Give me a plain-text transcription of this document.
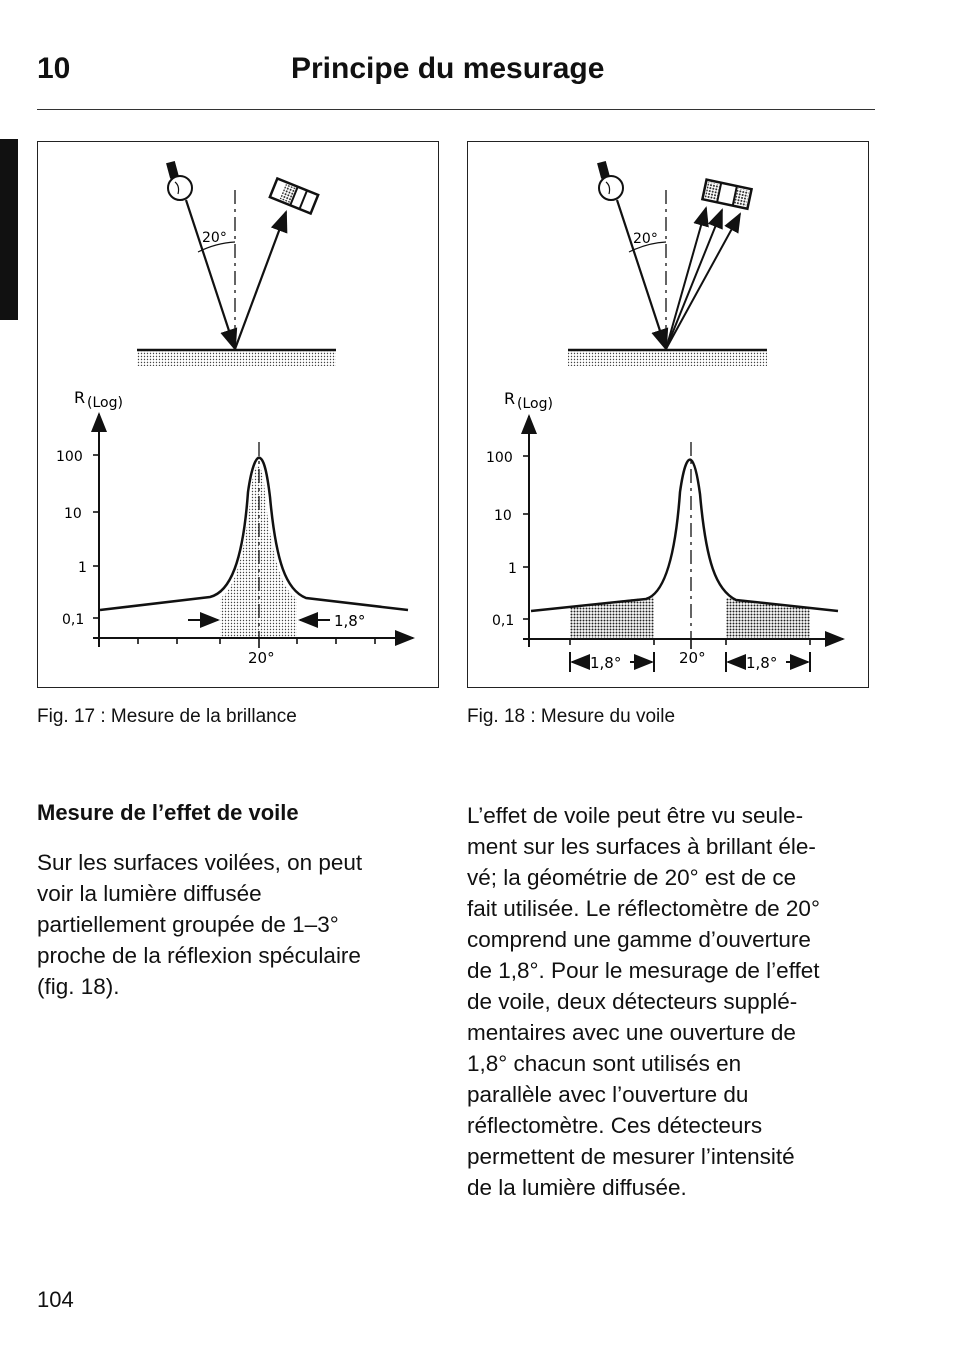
10	Principe du mesurage
20°
R (Log)
100
10
1
0,1	1,8°
20°
20°
R (Log)
100
10
1
0,1
1,8°	1,8°
20°
Fig. 17 : Mesure de la brillance	Fig. 18 : Mesure du voile
Mesure de l’effet de voile
Sur les surfaces voilées, on peut
voir la lumière diffusée
partiellement groupée de 1–3°
proche de la réflexion spéculaire
(fig. 18).
L’effet de voile peut être vu seule-
ment sur les surfaces à brillant éle-
vé; la géométrie de 20° est de ce
fait utilisée. Le réflectomètre de 20°
comprend une gamme d’ouverture
de 1,8°. Pour le mesurage de l’effet
de voile, deux détecteurs supplé-
mentaires avec une ouverture de
1,8° chacun sont utilisés en
parallèle avec l’ouverture du
réflectomètre. Ces détecteurs
permettent de mesurer l’intensité
de la lumière diffusée.
104
